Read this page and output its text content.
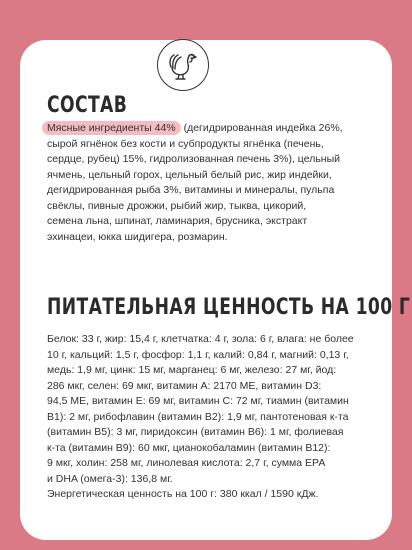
СОСТАВ
Мясные ингредиенты 44% (дегидрированная индейка 26%,
сырой ягнёнок без кости и субпродукты ягнёнка (печень,
сердце, рубец) 15%, гидролизованная печень 3%), цельный
ячмень, цельный горох, цельный белый рис, жир индейки,
дегидрированная рыба 3%, витамины и минералы, пульпа
свёклы, пивные дрожжи, рыбий жир, тыква, цикорий,
семена льна, шпинат, ламинария, брусника, экстракт
эхинацеи, юкка шидигера, розмарин.
ПИТАТЕЛЬНАЯ ЦЕННОСТЬ НА 100 Г
Белок: 33 г, жир: 15,4 г, клетчатка: 4 г, зола: 6 г, влага: не более
10 г, кальций: 1,5 г, фосфор: 1,1 г, калий: 0,84 г, магний: 0,13 г,
медь: 1,9 мг, цинк: 15 мг, марганец: 6 мг, железо: 27 мг, йод:
286 мкг, селен: 69 мкг, витамин А: 2170 МЕ, витамин D3:
94,5 МЕ, витамин Е: 69 мг, витамин С: 72 мг, тиамин (витамин
B1): 2 мг, рибофлавин (витамин B2): 1,9 мг, пантотеновая к-та
(витамин B5): 3 мг, пиридоксин (витамин B6): 1 мг, фолиевая
к-та (витамин B9): 60 мкг, цианокобаламин (витамин B12):
9 мкг, холин: 258 мг, линолевая кислота: 2,7 г, сумма ЕРА
и DHA (омега-3): 136,8 мг.
Энергетическая ценность на 100 г: 380 ккал / 1590 кДж.
